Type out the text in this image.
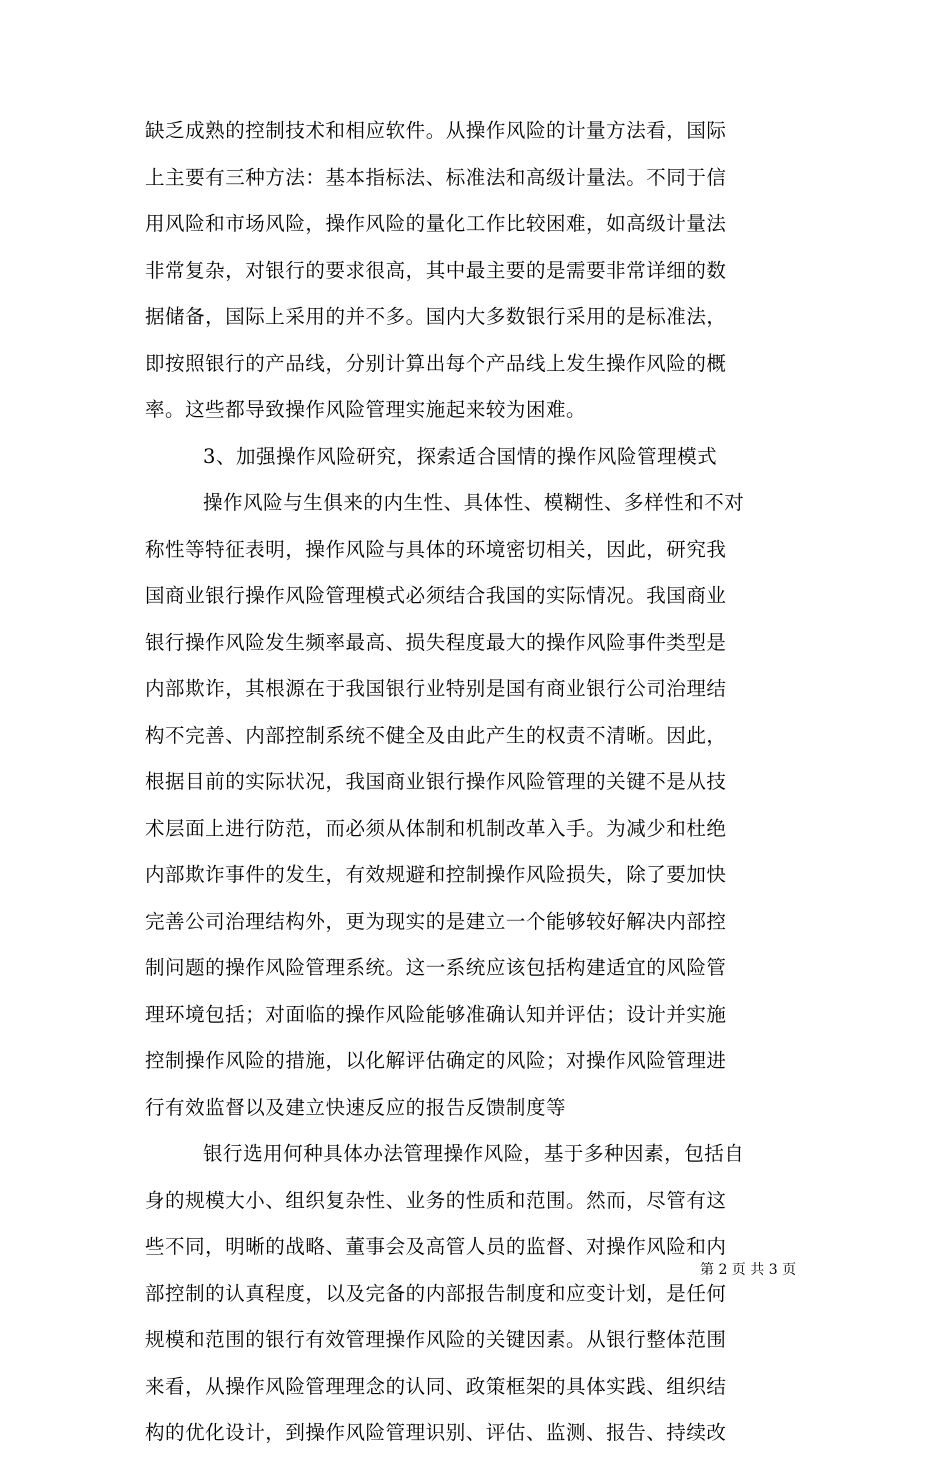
缺乏成熟的控制技术和相应软件。从操作风险的计量方法看，国际
上主要有三种方法：基本指标法、标准法和高级计量法。不同于信
用风险和市场风险，操作风险的量化工作比较困难，如高级计量法
非常复杂，对银行的要求很高，其中最主要的是需要非常详细的数
据储备，国际上采用的并不多。国内大多数银行采用的是标准法，
即按照银行的产品线，分别计算出每个产品线上发生操作风险的概
率。这些都导致操作风险管理实施起来较为困难。
3、加强操作风险研究，探索适合国情的操作风险管理模式
操作风险与生俱来的内生性、具体性、模糊性、多样性和不对
称性等特征表明，操作风险与具体的环境密切相关，因此，研究我
国商业银行操作风险管理模式必须结合我国的实际情况。我国商业
银行操作风险发生频率最高、损失程度最大的操作风险事件类型是
内部欺诈，其根源在于我国银行业特别是国有商业银行公司治理结
构不完善、内部控制系统不健全及由此产生的权责不清晰。因此，
根据目前的实际状况，我国商业银行操作风险管理的关键不是从技
术层面上进行防范，而必须从体制和机制改革入手。为减少和杜绝
内部欺诈事件的发生，有效规避和控制操作风险损失，除了要加快
完善公司治理结构外，更为现实的是建立一个能够较好解决内部控
制问题的操作风险管理系统。这一系统应该包括构建适宜的风险管
理环境包括；对面临的操作风险能够准确认知并评估；设计并实施
控制操作风险的措施，以化解评估确定的风险；对操作风险管理进
行有效监督以及建立快速反应的报告反馈制度等
银行选用何种具体办法管理操作风险，基于多种因素，包括自
身的规模大小、组织复杂性、业务的性质和范围。然而，尽管有这
些不同，明晰的战略、董事会及高管人员的监督、对操作风险和内
部控制的认真程度，以及完备的内部报告制度和应变计划，是任何
规模和范围的银行有效管理操作风险的关键因素。从银行整体范围
来看，从操作风险管理理念的认同、政策框架的具体实践、组织结
构的优化设计，到操作风险管理识别、评估、监测、报告、持续改
第 2 页 共 3 页
